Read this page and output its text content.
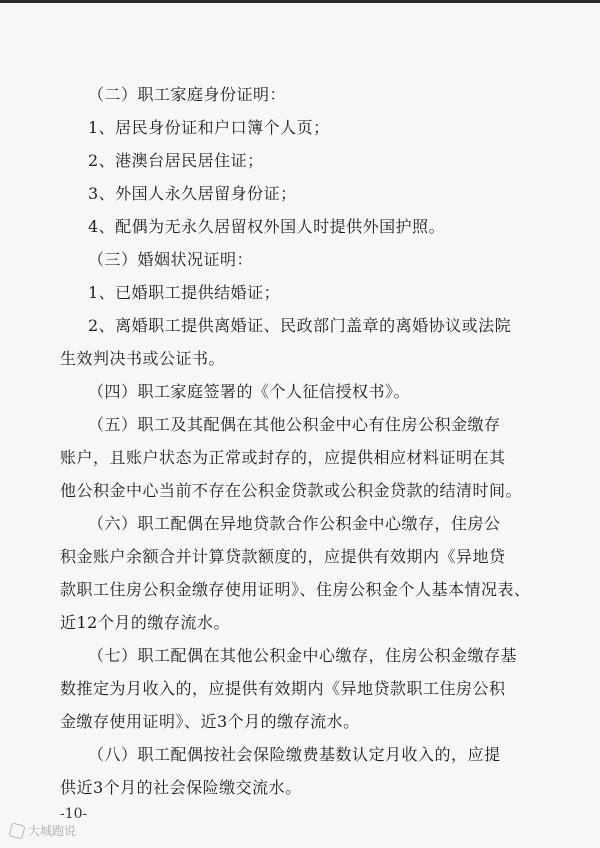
（二）职工家庭身份证明：
1、居民身份证和户口簿个人页；
2、港澳台居民居住证；
3、外国人永久居留身份证；
4、配偶为无永久居留权外国人时提供外国护照。
（三）婚姻状况证明：
1、已婚职工提供结婚证；
2、离婚职工提供离婚证、民政部门盖章的离婚协议或法院
生效判决书或公证书。
（四）职工家庭签署的《个人征信授权书》。
（五）职工及其配偶在其他公积金中心有住房公积金缴存
账户，且账户状态为正常或封存的，应提供相应材料证明在其
他公积金中心当前不存在公积金贷款或公积金贷款的结清时间。
（六）职工配偶在异地贷款合作公积金中心缴存，住房公
积金账户余额合并计算贷款额度的，应提供有效期内《异地贷
款职工住房公积金缴存使用证明》、住房公积金个人基本情况表、
近12个月的缴存流水。
（七）职工配偶在其他公积金中心缴存，住房公积金缴存基
数推定为月收入的，应提供有效期内《异地贷款职工住房公积
金缴存使用证明》、近3个月的缴存流水。
（八）职工配偶按社会保险缴费基数认定月收入的，应提
供近3个月的社会保险缴交流水。
-10-
大城跑说
